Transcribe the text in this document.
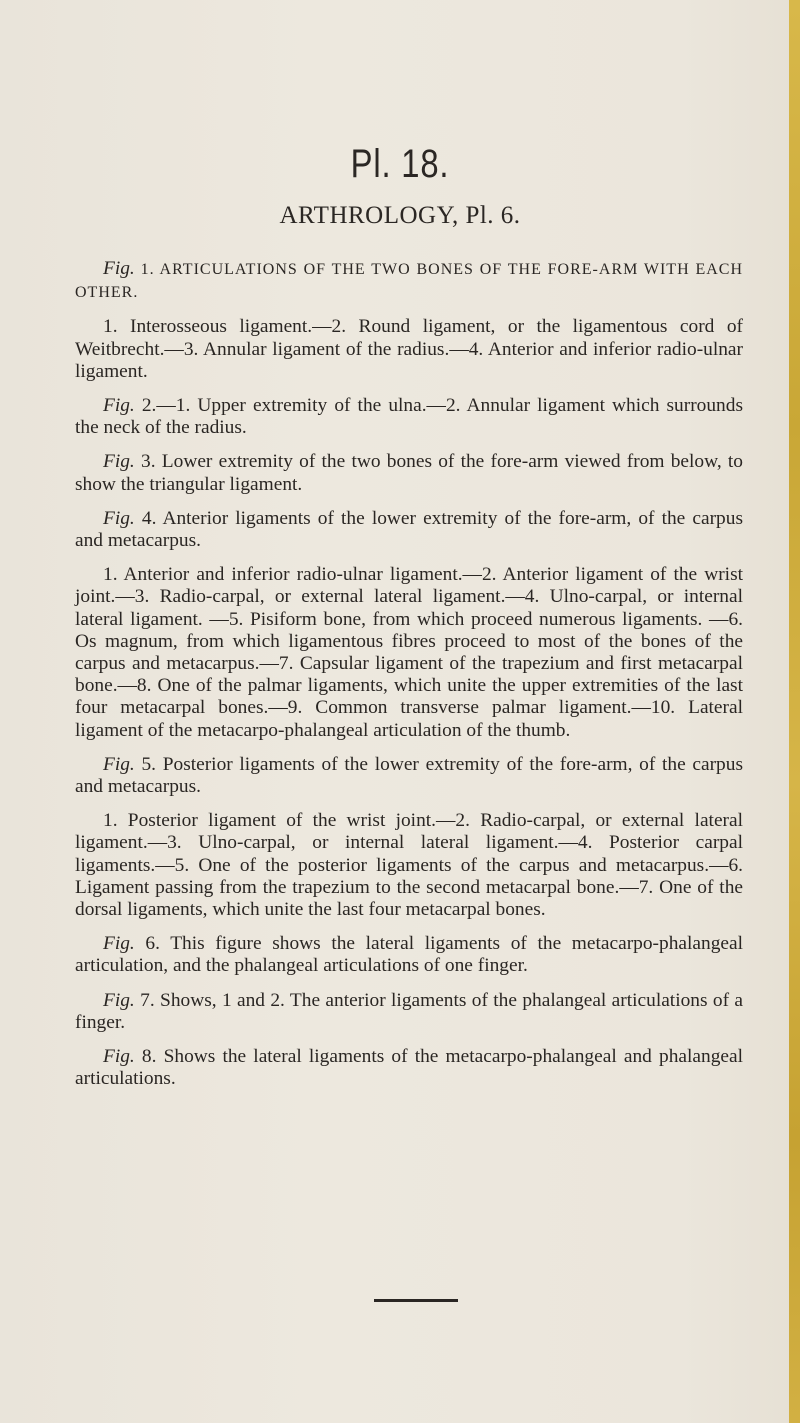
Pl. 18.
ARTHROLOGY, Pl. 6.

Fig. 1. ARTICULATIONS OF THE TWO BONES OF THE FORE-ARM WITH EACH OTHER.

1. Interosseous ligament.—2. Round ligament, or the ligamentous cord of Weitbrecht.—3. Annular ligament of the radius.—4. Anterior and inferior radio-ulnar ligament.

Fig. 2.—1. Upper extremity of the ulna.—2. Annular ligament which surrounds the neck of the radius.

Fig. 3. Lower extremity of the two bones of the fore-arm viewed from below, to show the triangular ligament.

Fig. 4. Anterior ligaments of the lower extremity of the fore-arm, of the carpus and metacarpus.

1. Anterior and inferior radio-ulnar ligament.—2. Anterior ligament of the wrist joint.—3. Radio-carpal, or external lateral ligament.—4. Ulno-carpal, or internal lateral ligament. —5. Pisiform bone, from which proceed numerous ligaments. —6. Os magnum, from which ligamentous fibres proceed to most of the bones of the carpus and metacarpus.—7. Capsular ligament of the trapezium and first metacarpal bone.—8. One of the palmar ligaments, which unite the upper extremities of the last four metacarpal bones.—9. Common transverse palmar ligament.—10. Lateral ligament of the metacarpo-phalangeal articulation of the thumb.

Fig. 5. Posterior ligaments of the lower extremity of the fore-arm, of the carpus and metacarpus.

1. Posterior ligament of the wrist joint.—2. Radio-carpal, or external lateral ligament.—3. Ulno-carpal, or internal lateral ligament.—4. Posterior carpal ligaments.—5. One of the posterior ligaments of the carpus and metacarpus.—6. Ligament passing from the trapezium to the second metacarpal bone.—7. One of the dorsal ligaments, which unite the last four metacarpal bones.

Fig. 6. This figure shows the lateral ligaments of the metacarpo-phalangeal articulation, and the phalangeal articulations of one finger.

Fig. 7. Shows, 1 and 2. The anterior ligaments of the phalangeal articulations of a finger.

Fig. 8. Shows the lateral ligaments of the metacarpo-phalangeal and phalangeal articulations.
